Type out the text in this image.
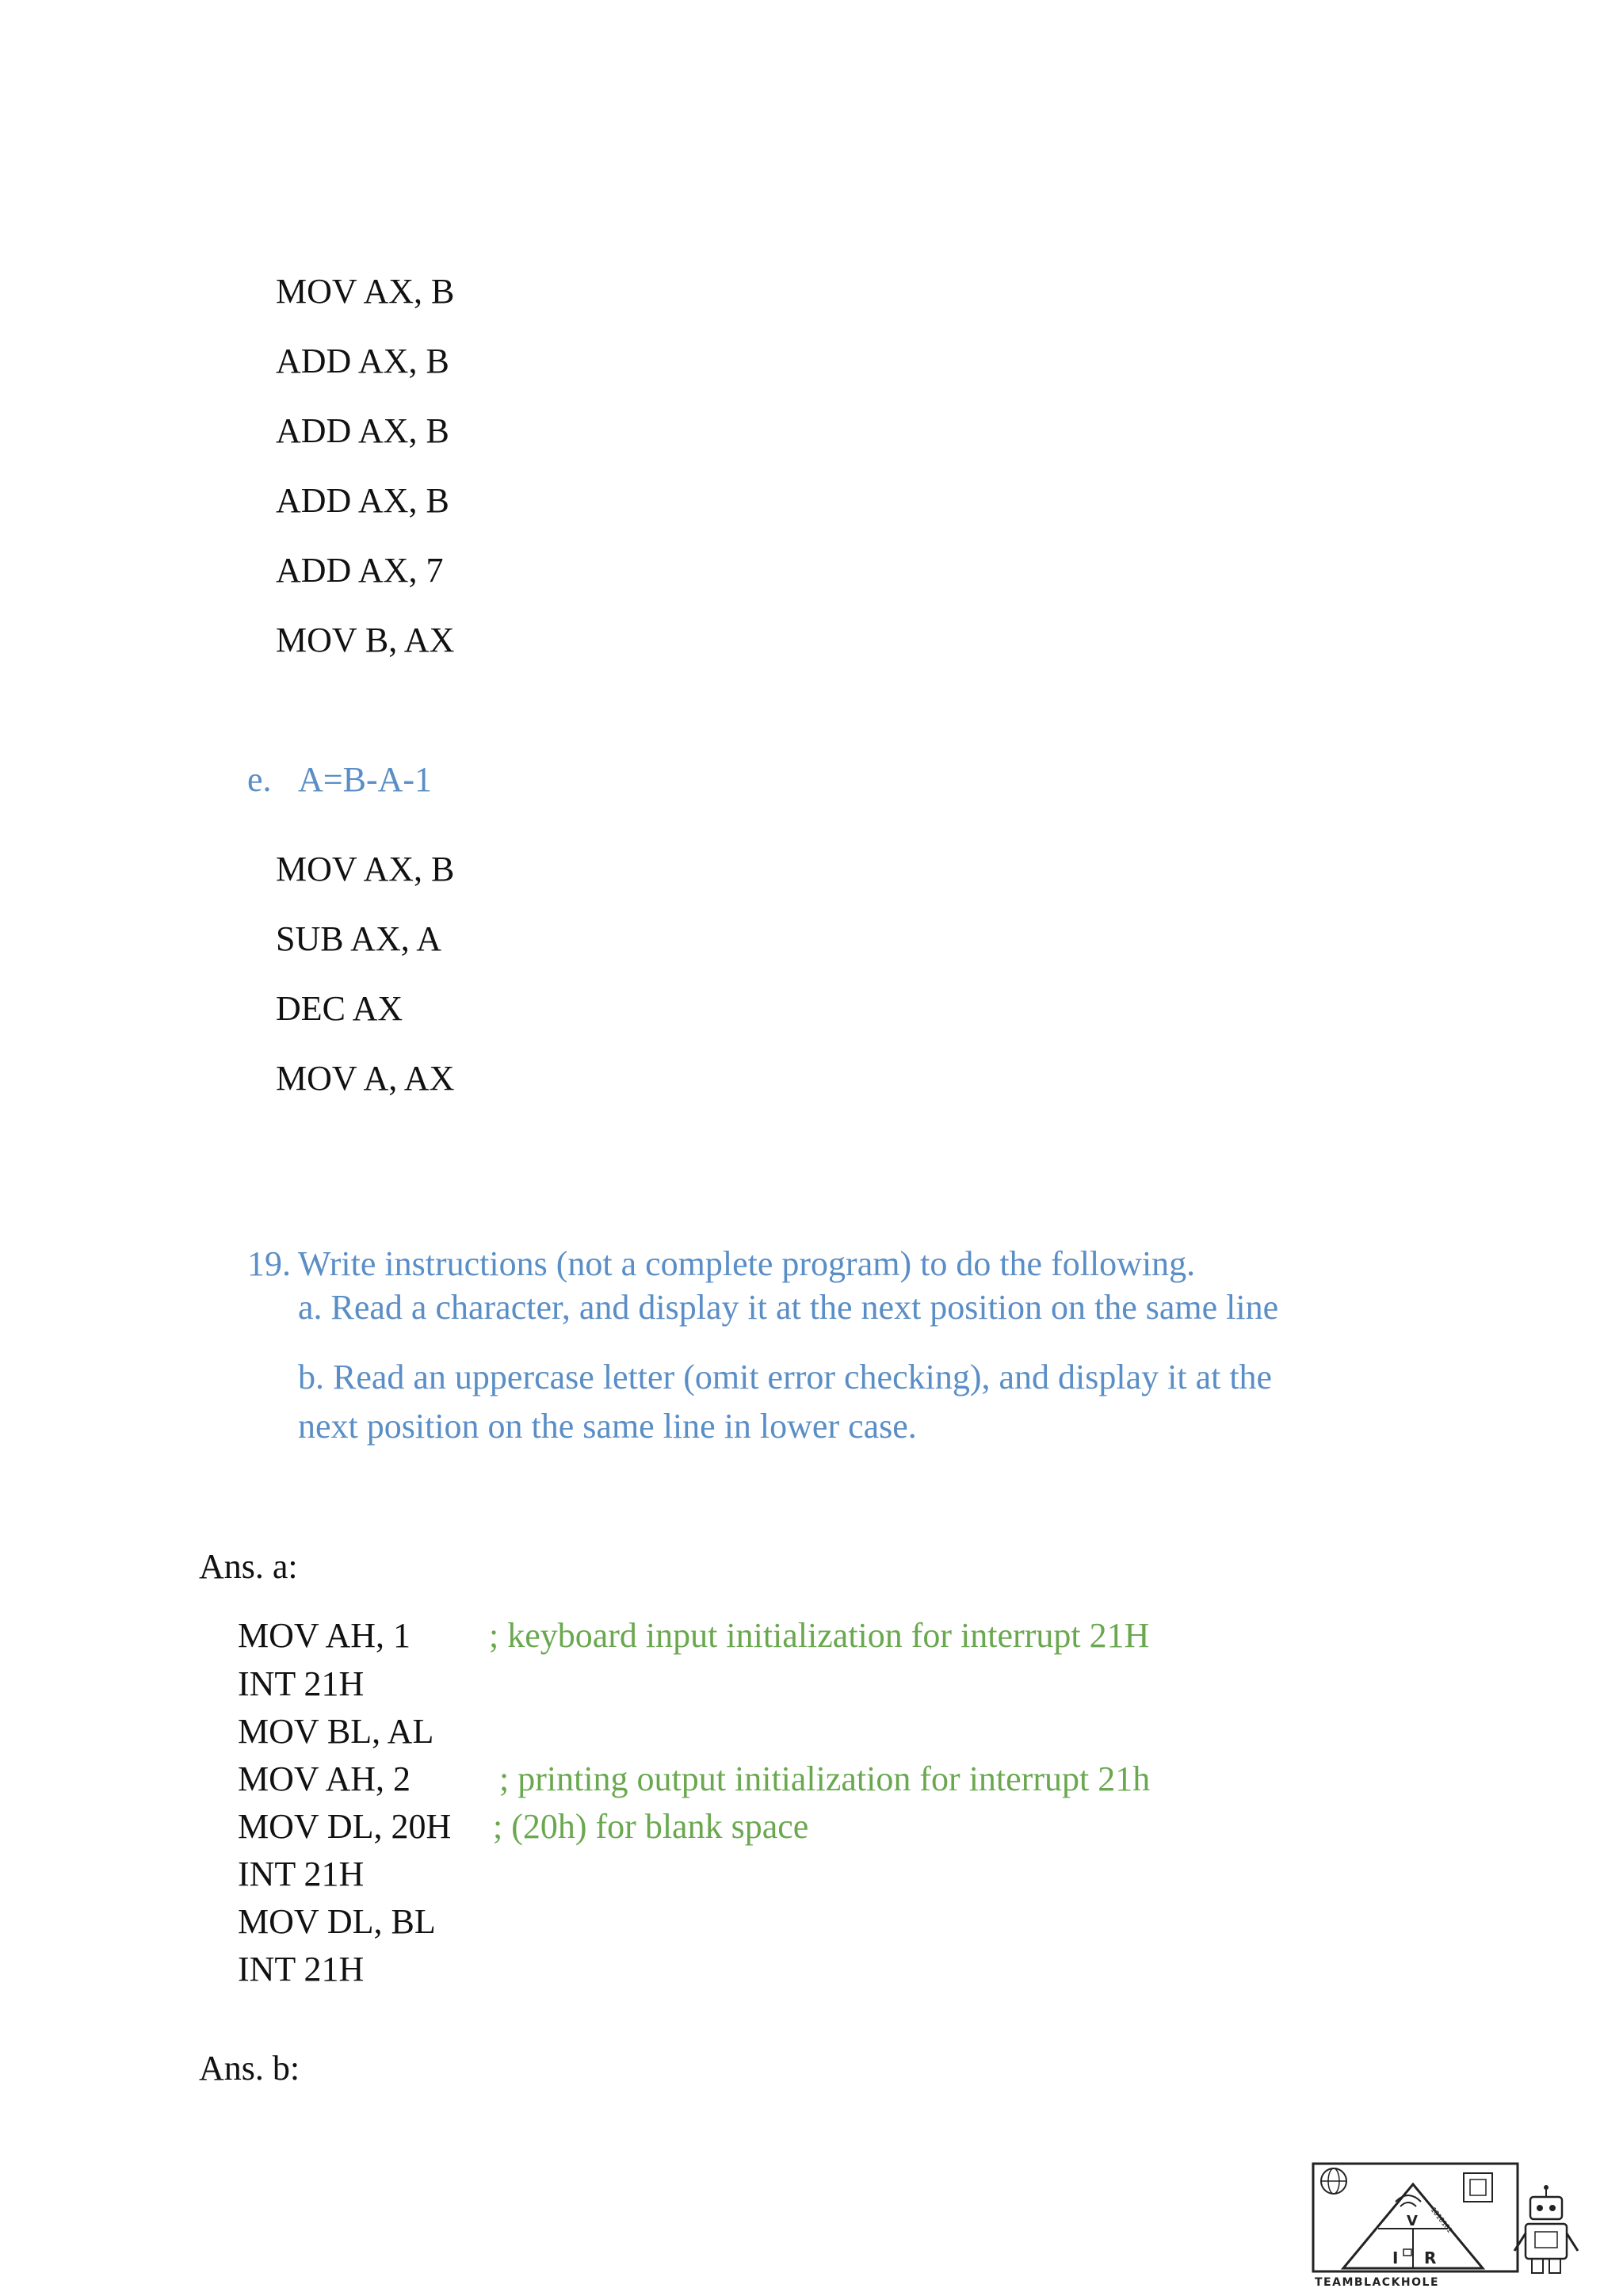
MOV AX, B
ADD AX, B
ADD AX, B
ADD AX, B
ADD AX, 7
MOV B, AX
e. A=B-A-1
MOV AX, B
SUB AX, A
DEC AX
MOV A, AX
19. Write instructions (not a complete program) to do the following.
a. Read a character, and display it at the next position on the same line
b. Read an uppercase letter (omit error checking), and display it at the
next position on the same line in lower case.
Ans. a:
MOV AH, 1 ; keyboard input initialization for interrupt 21H
INT 21H
MOV BL, AL
MOV AH, 2	; printing output initialization for interrupt 21h
MOV DL, 20H ; (20h) for blank space
INT 21H
MOV DL, BL
INT 21H
Ans. b:
1010101
V
I R
TEAMBLACKHOLE
